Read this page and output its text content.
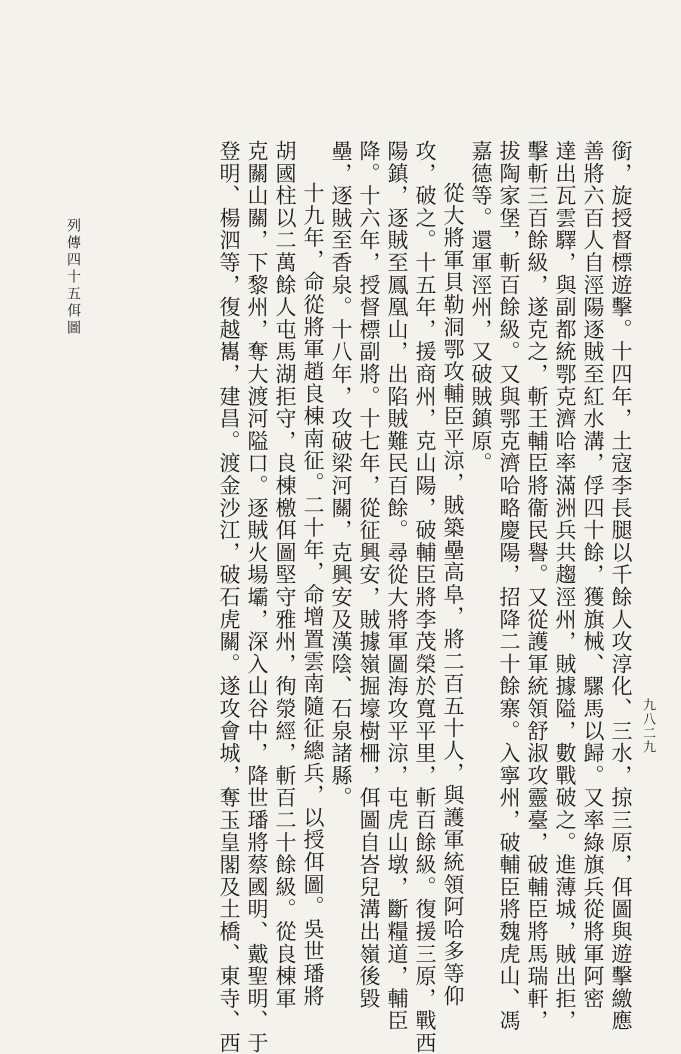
列傳四十五佴圖	銜，旋授督標遊擊。十四年，土寇李長腿以千餘人攻淳化、三水，掠三原，佴圖與遊擊繳應
善將六百人自涇陽逐賊至紅水溝，俘四十餘，獲旗械、騾馬以歸。又率綠旗兵從將軍阿密
達出瓦雲驛，與副都統鄂克濟哈率滿洲兵共趨涇州，賊據隘，數戰破之。進薄城，賊出拒，
擊斬三百餘級，遂克之，斬王輔臣將衞民譽。又從護軍統領舒淑攻靈臺，破輔臣將馬瑞軒，
拔陶家堡，斬百餘級。又與鄂克濟哈略慶陽，招降二十餘寨。入寧州，破輔臣將魏虎山、馮
嘉德等。還軍涇州，又破賊鎮原。
從大將軍貝勒洞鄂攻輔臣平涼，賊築壘高阜，將二百五十人，與護軍統領阿哈多等仰
攻，破之。十五年，援商州，克山陽，破輔臣將李茂榮於寬平里，斬百餘級。復援三原，戰西
陽鎮，逐賊至鳳凰山，出陷賊難民百餘。尋從大將軍圖海攻平涼，屯虎山墩，斷糧道，輔臣
降。十六年，授督標副將。十七年，從征興安，賊據嶺掘壕樹柵，佴圖自峇兒溝出嶺後毀
壘，逐賊至香泉。十八年，攻破梁河關，克興安及漢陰、石泉諸縣。
十九年，命從將軍趙良棟南征。二十年，命增置雲南隨征總兵，以授佴圖。吳世璠將
胡國柱以二萬餘人屯馬湖拒守，良棟檄佴圖堅守雅州，徇滎經，斬百二十餘級。從良棟軍
克關山關，下黎州，奪大渡河隘口。逐賊火場壩，深入山谷中，降世璠將蔡國明、戴聖明、于
登明、楊泗等，復越巂，建昌。渡金沙江，破石虎關。遂攻會城，奪玉皇閣及土橋、東寺、西	九八二九
